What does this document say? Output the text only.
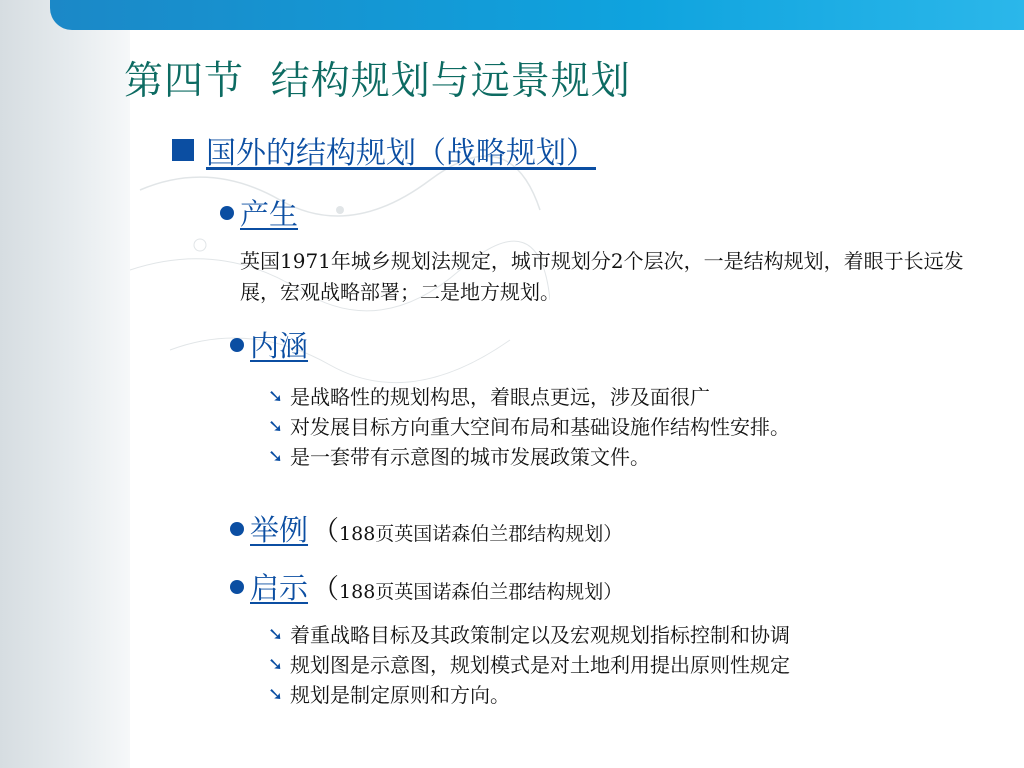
第四节  结构规划与远景规划
国外的结构规划（战略规划）
产生
英国1971年城乡规划法规定，城市规划分2个层次，一是结构规划，着眼于长远发展，宏观战略部署；二是地方规划。
内涵
➘ 是战略性的规划构思，着眼点更远，涉及面很广
➘ 对发展目标方向重大空间布局和基础设施作结构性安排。
➘ 是一套带有示意图的城市发展政策文件。
举例 （188页英国诺森伯兰郡结构规划）
启示 （188页英国诺森伯兰郡结构规划）
➘ 着重战略目标及其政策制定以及宏观规划指标控制和协调
➘ 规划图是示意图，规划模式是对土地利用提出原则性规定
➘ 规划是制定原则和方向。
